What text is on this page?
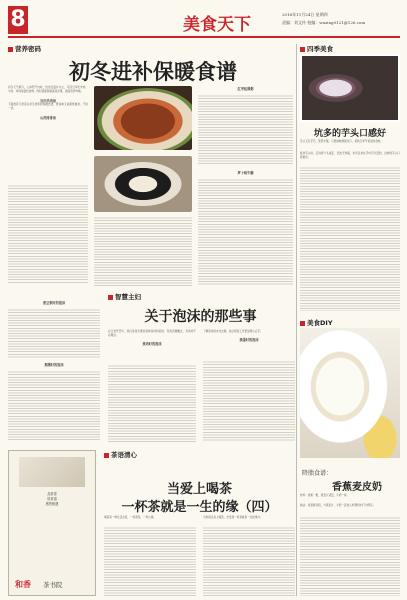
8	美食天下
2016年11月24日 星期四
责编：刘文传 校编：wazing0121@126.com
营养密码
初冬进补保暖食谱
初冬天气渐冷，人体阳气内收，饮食宜温补为主，可适当多吃羊肉、牛肉、鸡肉等温热食物，同时搭配新鲜蔬菜水果，做到营养均衡。
当归羊肉汤
下面推荐几款适合初冬食用的保暖食谱，既美味又能驱寒暖身，不妨一试。
山药排骨汤
红枣桂圆粥
萝卜炖牛腩
四季美食
坑多的芋头口感好
芋头又名芋艿，营养丰富，口感细软绵甜可口，是秋冬季节常见的食材。
挑选芋头时，应选择个头端正、表皮无伤痕、坑多且拿在手中有分量的，这样的芋头口感更好。
智慧主妇
煮豆浆时的泡沫
熬粥时的泡沫
关于泡沫的那些事
在日常烹饪中，我们常常会遇到各种各样的泡沫，有的需要撇去，有的却不必理会。
煮肉时的泡沫
了解泡沫的来龙去脉，能让厨房工作更加得心应手。
蒸蛋时的泡沫
美食DIY
降脂食谱：
香蕉麦皮奶
材料：香蕉一根，燕麦片适量，牛奶一杯。
做法：将香蕉切段，与燕麦片、牛奶一起放入料理机中打匀即可。
品茶香
悟茶道
感恩相遇
和香 茶书院
茶语清心
当爱上喝茶
一杯茶就是一生的缘（四）
喝茶是一种生活态度，一杯清茶，一份心境。	当你真正爱上喝茶，会发现一杯茶就是一生的缘分。
